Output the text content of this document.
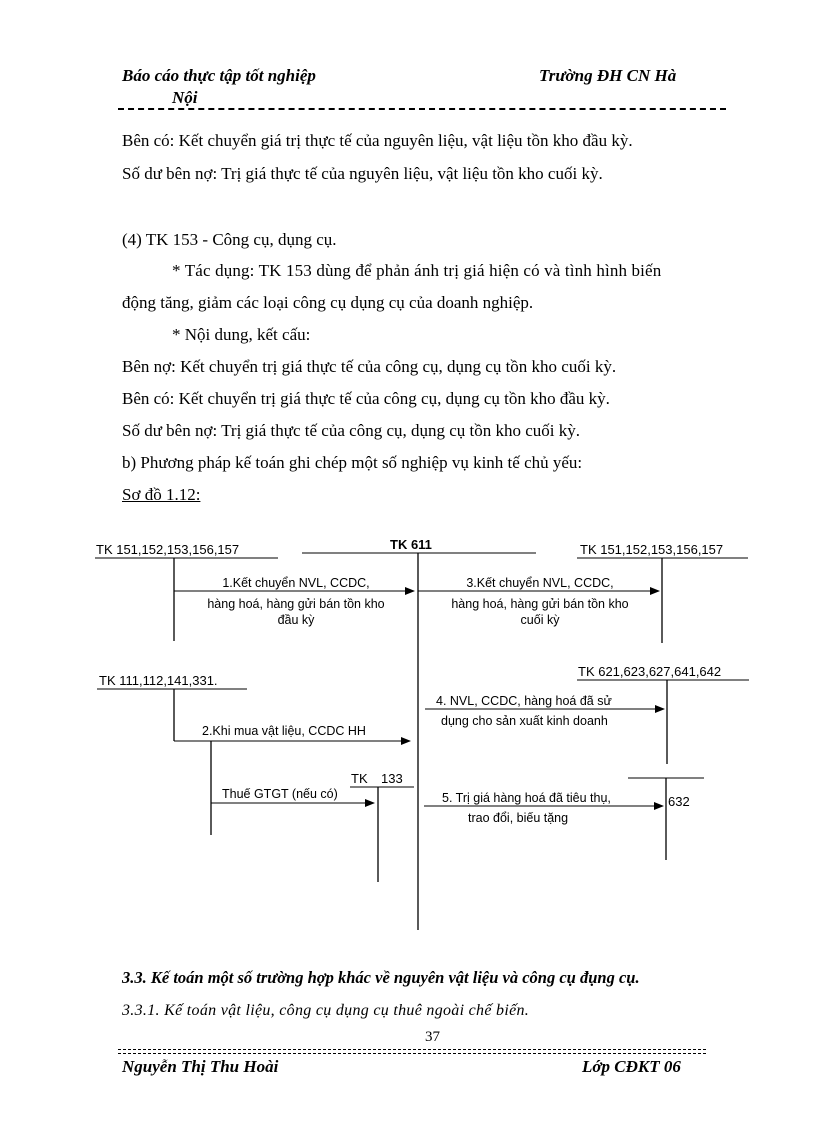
Báo cáo thực tập tốt nghiệp
Nội
Trường ĐH CN Hà
Bên có: Kết chuyển giá trị thực tế của nguyên liệu, vật liệu tồn kho đầu kỳ.
Số dư bên nợ: Trị giá thực tế của nguyên liệu, vật liệu tồn kho cuối kỳ.
(4) TK 153 - Công cụ, dụng cụ.
* Tác dụng: TK 153 dùng để phản ánh trị giá hiện có và tình hình biến
động tăng, giảm các loại công cụ dụng cụ của doanh nghiệp.
* Nội dung, kết cấu:
Bên nợ: Kết chuyển trị giá thực tế của công cụ, dụng cụ tồn kho cuối kỳ.
Bên có: Kết chuyển trị giá thực tế của công cụ, dụng cụ tồn kho đầu kỳ.
Số dư bên nợ: Trị giá thực tế của công cụ, dụng cụ tồn kho cuối kỳ.
b) Phương pháp kế toán ghi chép một số nghiệp vụ kinh tế chủ yếu:
Sơ đồ 1.12:
TK 151,152,153,156,157	TK 611	TK 151,152,153,156,157
1.Kết chuyển NVL, CCDC,
hàng hoá, hàng gửi bán tồn kho
đầu kỳ
3.Kết chuyển NVL, CCDC,
hàng hoá, hàng gửi bán tồn kho
cuối kỳ
TK 111,112,141,331.
2.Khi mua vật liệu, CCDC HH
TK 133
Thuế GTGT (nếu có)
TK 621,623,627,641,642
4. NVL, CCDC, hàng hoá đã sử
dụng cho sản xuất kinh doanh
632
5. Trị giá hàng hoá đã tiêu thụ,
trao đổi, biếu tặng
3.3. Kế toán một số trường hợp khác về nguyên vật liệu và công cụ đụng cụ.
3.3.1. Kế toán vật liệu, công cụ dụng cụ thuê ngoài chế biến.
37
Nguyễn Thị Thu Hoài	Lớp CĐKT 06
